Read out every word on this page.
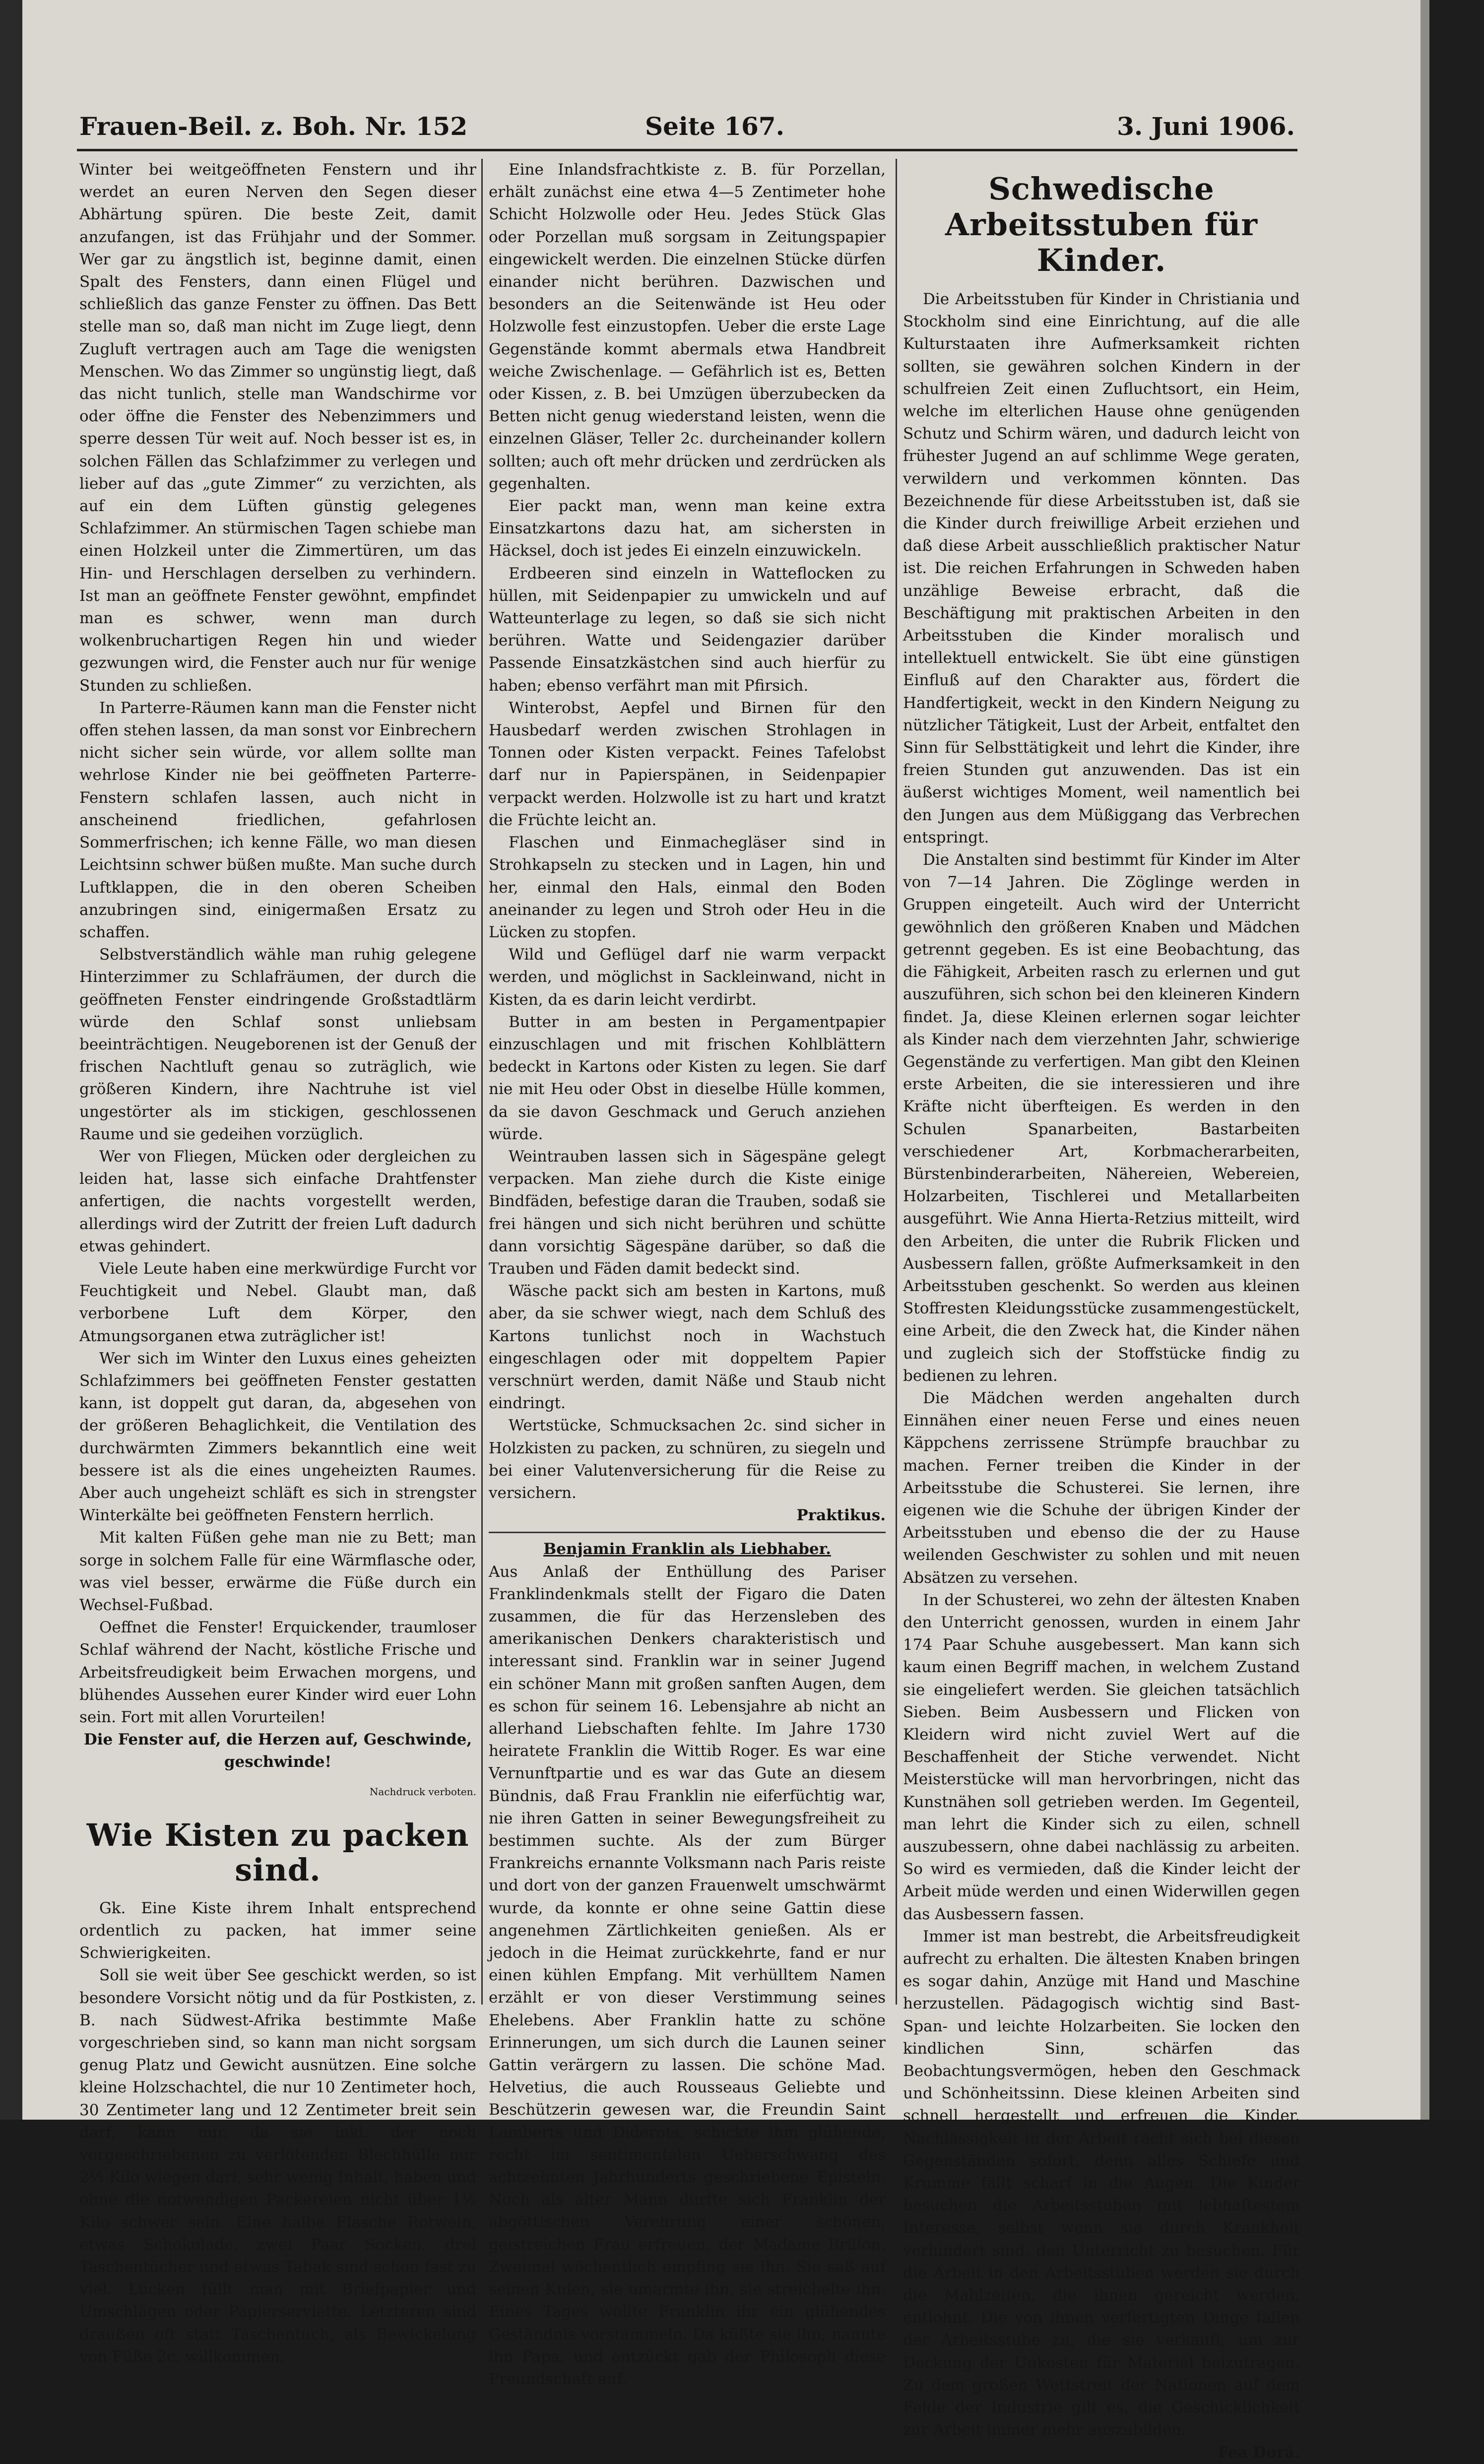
Frauen-Beil. z. Boh. Nr. 152	Seite 167.	3. Juni 1906.

Winter bei weitgeöffneten Fenstern und ihr werdet an euren Nerven den Segen dieser Abhärtung spüren. Die beste Zeit, damit anzufangen, ist das Frühjahr und der Sommer. Wer gar zu ängstlich ist, beginne damit, einen Spalt des Fensters, dann einen Flügel und schließlich das ganze Fenster zu öffnen. Das Bett stelle man so, daß man nicht im Zuge liegt, denn Zugluft vertragen auch am Tage die wenigsten Menschen. Wo das Zimmer so ungünstig liegt, daß das nicht tunlich, stelle man Wandschirme vor oder öffne die Fenster des Nebenzimmers und sperre dessen Tür weit auf. Noch besser ist es, in solchen Fällen das Schlafzimmer zu verlegen und lieber auf das „gute Zimmer“ zu verzichten, als auf ein dem Lüften günstig gelegenes Schlafzimmer. An stürmischen Tagen schiebe man einen Holzkeil unter die Zimmertüren, um das Hin- und Herschlagen derselben zu verhindern. Ist man an geöffnete Fenster gewöhnt, empfindet man es schwer, wenn man durch wolkenbruchartigen Regen hin und wieder gezwungen wird, die Fenster auch nur für wenige Stunden zu schließen.

In Parterre-Räumen kann man die Fenster nicht offen stehen lassen, da man sonst vor Einbrechern nicht sicher sein würde, vor allem sollte man wehrlose Kinder nie bei geöffneten Parterre-Fenstern schlafen lassen, auch nicht in anscheinend friedlichen, gefahrlosen Sommerfrischen; ich kenne Fälle, wo man diesen Leichtsinn schwer büßen mußte. Man suche durch Luftklappen, die in den oberen Scheiben anzubringen sind, einigermaßen Ersatz zu schaffen.

Selbstverständlich wähle man ruhig gelegene Hinterzimmer zu Schlafräumen, der durch die geöffneten Fenster eindringende Großstadtlärm würde den Schlaf sonst unliebsam beeinträchtigen. Neugeborenen ist der Genuß der frischen Nachtluft genau so zuträglich, wie größeren Kindern, ihre Nachtruhe ist viel ungestörter als im stickigen, geschlossenen Raume und sie gedeihen vorzüglich.

Wer von Fliegen, Mücken oder dergleichen zu leiden hat, lasse sich einfache Drahtfenster anfertigen, die nachts vorgestellt werden, allerdings wird der Zutritt der freien Luft dadurch etwas gehindert.

Viele Leute haben eine merkwürdige Furcht vor Feuchtigkeit und Nebel. Glaubt man, daß verborbene Luft dem Körper, den Atmungsorganen etwa zuträglicher ist!

Wer sich im Winter den Luxus eines geheizten Schlafzimmers bei geöffneten Fenster gestatten kann, ist doppelt gut daran, da, abgesehen von der größeren Behaglichkeit, die Ventilation des durchwärmten Zimmers bekanntlich eine weit bessere ist als die eines ungeheizten Raumes. Aber auch ungeheizt schläft es sich in strengster Winterkälte bei geöffneten Fenstern herrlich.

Mit kalten Füßen gehe man nie zu Bett; man sorge in solchem Falle für eine Wärmflasche oder, was viel besser, erwärme die Füße durch ein Wechsel-Fußbad.

Oeffnet die Fenster! Erquickender, traumloser Schlaf während der Nacht, köstliche Frische und Arbeitsfreudigkeit beim Erwachen morgens, und blühendes Aussehen eurer Kinder wird euer Lohn sein. Fort mit allen Vorurteilen!

Die Fenster auf, die Herzen auf, Geschwinde, geschwinde!

Nachdruck verboten.
Wie Kisten zu packen sind.

Gk. Eine Kiste ihrem Inhalt entsprechend ordentlich zu packen, hat immer seine Schwierigkeiten.

Soll sie weit über See geschickt werden, so ist besondere Vorsicht nötig und da für Postkisten, z. B. nach Südwest-Afrika bestimmte Maße vorgeschrieben sind, so kann man nicht sorgsam genug Platz und Gewicht ausnützen. Eine solche kleine Holzschachtel, die nur 10 Zentimeter hoch, 30 Zentimeter lang und 12 Zentimeter breit sein darf, kann nur, da sie inkl. der noch vorgeschriebenen zu verlötenden Blechhülle nur 2½ Kilo wiegen darf, sehr wenig Inhalt, haben und ohne die notwendigen Packereien nicht über 1½ Kilo schwer sein. Eine halbe Flasche Rotwein, etwas Schokolade, zwei Paar Socken, drei Taschentücher und etwas Tabak sind schon fast zu viel. Lücken füllt man mit Briefpapier und Umschlägen oder Papierserviette. Letzteren sind draußen oft statt Taschentuch, als Bewickelung von Füße 2c. willkommen.

Eine Inlandsfrachtkiste z. B. für Porzellan, erhält zunächst eine etwa 4—5 Zentimeter hohe Schicht Holzwolle oder Heu. Jedes Stück Glas oder Porzellan muß sorgsam in Zeitungspapier eingewickelt werden. Die einzelnen Stücke dürfen einander nicht berühren. Dazwischen und besonders an die Seitenwände ist Heu oder Holzwolle fest einzustopfen. Ueber die erste Lage Gegenstände kommt abermals etwa Handbreit weiche Zwischenlage. — Gefährlich ist es, Betten oder Kissen, z. B. bei Umzügen überzubecken da Betten nicht genug wiederstand leisten, wenn die einzelnen Gläser, Teller 2c. durcheinander kollern sollten; auch oft mehr drücken und zerdrücken als gegenhalten.

Eier packt man, wenn man keine extra Einsatzkartons dazu hat, am sichersten in Häcksel, doch ist jedes Ei einzeln einzuwickeln.

Erdbeeren sind einzeln in Watteflocken zu hüllen, mit Seidenpapier zu umwickeln und auf Watteunterlage zu legen, so daß sie sich nicht berühren. Watte und Seidengazier darüber Passende Einsatzkästchen sind auch hierfür zu haben; ebenso verfährt man mit Pfirsich.

Winterobst, Aepfel und Birnen für den Hausbedarf werden zwischen Strohlagen in Tonnen oder Kisten verpackt. Feines Tafelobst darf nur in Papierspänen, in Seidenpapier verpackt werden. Holzwolle ist zu hart und kratzt die Früchte leicht an.

Flaschen und Einmachegläser sind in Strohkapseln zu stecken und in Lagen, hin und her, einmal den Hals, einmal den Boden aneinander zu legen und Stroh oder Heu in die Lücken zu stopfen.

Wild und Geflügel darf nie warm verpackt werden, und möglichst in Sackleinwand, nicht in Kisten, da es darin leicht verdirbt.

Butter in am besten in Pergamentpapier einzuschlagen und mit frischen Kohlblättern bedeckt in Kartons oder Kisten zu legen. Sie darf nie mit Heu oder Obst in dieselbe Hülle kommen, da sie davon Geschmack und Geruch anziehen würde.

Weintrauben lassen sich in Sägespäne gelegt verpacken. Man ziehe durch die Kiste einige Bindfäden, befestige daran die Trauben, sodaß sie frei hängen und sich nicht berühren und schütte dann vorsichtig Sägespäne darüber, so daß die Trauben und Fäden damit bedeckt sind.

Wäsche packt sich am besten in Kartons, muß aber, da sie schwer wiegt, nach dem Schluß des Kartons tunlichst noch in Wachstuch eingeschlagen oder mit doppeltem Papier verschnürt werden, damit Näße und Staub nicht eindringt.

Wertstücke, Schmucksachen 2c. sind sicher in Holzkisten zu packen, zu schnüren, zu siegeln und bei einer Valutenversicherung für die Reise zu versichern.

Praktikus.

Benjamin Franklin als Liebhaber.

Aus Anlaß der Enthüllung des Pariser Franklindenkmals stellt der Figaro die Daten zusammen, die für das Herzensleben des amerikanischen Denkers charakteristisch und interessant sind. Franklin war in seiner Jugend ein schöner Mann mit großen sanften Augen, dem es schon für seinem 16. Lebensjahre ab nicht an allerhand Liebschaften fehlte. Im Jahre 1730 heiratete Franklin die Wittib Roger. Es war eine Vernunftpartie und es war das Gute an diesem Bündnis, daß Frau Franklin nie eiferfüchtig war, nie ihren Gatten in seiner Bewegungsfreiheit zu bestimmen suchte. Als der zum Bürger Frankreichs ernannte Volksmann nach Paris reiste und dort von der ganzen Frauenwelt umschwärmt wurde, da konnte er ohne seine Gattin diese angenehmen Zärtlichkeiten genießen. Als er jedoch in die Heimat zurückkehrte, fand er nur einen kühlen Empfang. Mit verhülltem Namen erzählt er von dieser Verstimmung seines Ehelebens. Aber Franklin hatte zu schöne Erinnerungen, um sich durch die Launen seiner Gattin verärgern zu lassen. Die schöne Mad. Helvetius, die auch Rousseaus Geliebte und Beschützerin gewesen war, die Freundin Saint Lamberts und Diderots, schickte ihm glühende, recht im sentimentalen Ueberschwang des achtzehnten Jahrhunderts geschriebene Episteln. Noch als alter Mann durfte sich Franklin der abgöttischen Verehrung einer schönen, geistreichen Frau erfreuen, der Madame Brillon. Zweimal wöchentlich empfing sie ihn. Sie saß auf seinen Knien, sie umarmte ihn, sie streichelte ihn. Eines Tages wollte Franklin ihr ein glühendes Geständnis vorstammeln. Da küßte sie ihn, nannte ihn Papa, und entzückt gab der Philosoph diese Freundschaft auf.

Schwedische Arbeitsstuben für Kinder.

Die Arbeitsstuben für Kinder in Christiania und Stockholm sind eine Einrichtung, auf die alle Kulturstaaten ihre Aufmerksamkeit richten sollten, sie gewähren solchen Kindern in der schulfreien Zeit einen Zufluchtsort, ein Heim, welche im elterlichen Hause ohne genügenden Schutz und Schirm wären, und dadurch leicht von frühester Jugend an auf schlimme Wege geraten, verwildern und verkommen könnten. Das Bezeichnende für diese Arbeitsstuben ist, daß sie die Kinder durch freiwillige Arbeit erziehen und daß diese Arbeit ausschließlich praktischer Natur ist. Die reichen Erfahrungen in Schweden haben unzählige Beweise erbracht, daß die Beschäftigung mit praktischen Arbeiten in den Arbeitsstuben die Kinder moralisch und intellektuell entwickelt. Sie übt eine günstigen Einfluß auf den Charakter aus, fördert die Handfertigkeit, weckt in den Kindern Neigung zu nützlicher Tätigkeit, Lust der Arbeit, entfaltet den Sinn für Selbsttätigkeit und lehrt die Kinder, ihre freien Stunden gut anzuwenden. Das ist ein äußerst wichtiges Moment, weil namentlich bei den Jungen aus dem Müßiggang das Verbrechen entspringt.

Die Anstalten sind bestimmt für Kinder im Alter von 7—14 Jahren. Die Zöglinge werden in Gruppen eingeteilt. Auch wird der Unterricht gewöhnlich den größeren Knaben und Mädchen getrennt gegeben. Es ist eine Beobachtung, das die Fähigkeit, Arbeiten rasch zu erlernen und gut auszuführen, sich schon bei den kleineren Kindern findet. Ja, diese Kleinen erlernen sogar leichter als Kinder nach dem vierzehnten Jahr, schwierige Gegenstände zu verfertigen. Man gibt den Kleinen erste Arbeiten, die sie interessieren und ihre Kräfte nicht überfteigen. Es werden in den Schulen Spanarbeiten, Bastarbeiten verschiedener Art, Korbmacherarbeiten, Bürstenbinderarbeiten, Nähereien, Webereien, Holzarbeiten, Tischlerei und Metallarbeiten ausgeführt. Wie Anna Hierta-Retzius mitteilt, wird den Arbeiten, die unter die Rubrik Flicken und Ausbessern fallen, größte Aufmerksamkeit in den Arbeitsstuben geschenkt. So werden aus kleinen Stoffresten Kleidungsstücke zusammengestückelt, eine Arbeit, die den Zweck hat, die Kinder nähen und zugleich sich der Stoffstücke findig zu bedienen zu lehren.

Die Mädchen werden angehalten durch Einnähen einer neuen Ferse und eines neuen Käppchens zerrissene Strümpfe brauchbar zu machen. Ferner treiben die Kinder in der Arbeitsstube die Schusterei. Sie lernen, ihre eigenen wie die Schuhe der übrigen Kinder der Arbeitsstuben und ebenso die der zu Hause weilenden Geschwister zu sohlen und mit neuen Absätzen zu versehen.

In der Schusterei, wo zehn der ältesten Knaben den Unterricht genossen, wurden in einem Jahr 174 Paar Schuhe ausgebessert. Man kann sich kaum einen Begriff machen, in welchem Zustand sie eingeliefert werden. Sie gleichen tatsächlich Sieben. Beim Ausbessern und Flicken von Kleidern wird nicht zuviel Wert auf die Beschaffenheit der Stiche verwendet. Nicht Meisterstücke will man hervorbringen, nicht das Kunstnähen soll getrieben werden. Im Gegenteil, man lehrt die Kinder sich zu eilen, schnell auszubessern, ohne dabei nachlässig zu arbeiten. So wird es vermieden, daß die Kinder leicht der Arbeit müde werden und einen Widerwillen gegen das Ausbessern fassen.

Immer ist man bestrebt, die Arbeitsfreudigkeit aufrecht zu erhalten. Die ältesten Knaben bringen es sogar dahin, Anzüge mit Hand und Maschine herzustellen. Pädagogisch wichtig sind Bast- Span- und leichte Holzarbeiten. Sie locken den kindlichen Sinn, schärfen das Beobachtungsvermögen, heben den Geschmack und Schönheitssinn. Diese kleinen Arbeiten sind schnell hergestellt und erfreuen die Kinder. Nachlässigkeit in der Arbeit rächt sich bei diesen Gegenständen sofort, denn alles Schiefe und Krumme fällt scharf in die Augen. Die Kinder besuchen die Arbeitsstuben mit lebhaftestem Interesse, selbst wenn sie durch Krankheit verhindert sind, den Unterricht zu besuchen. Für die Arbeit in den Arbeitsstuben werden sie durch die Mahlzeiten, die ihnen gereicht werden, entlohnt. Die von ihnen verfertigten Dinge fallen der Arbeitsstube zu, die sie verkauft, um zur Deckung der Unkosten für Material beizutragen. Zu dem großen Wettstreit der Nationen auf dem Felde der Industrie gilt es, die Geschicklichkeit zur Arbeit immer mehr auszubilden.

Fea Dorá.
